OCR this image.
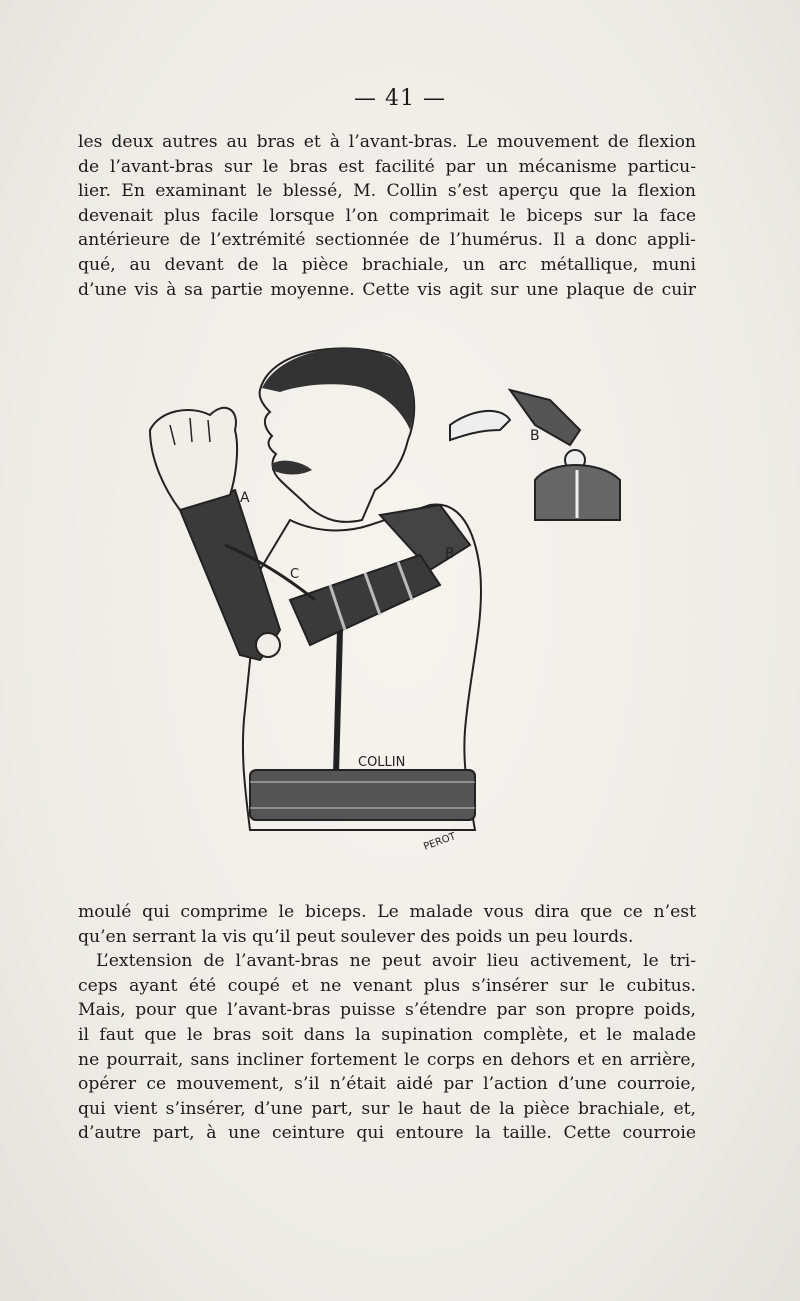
— 41 —
les deux autres au bras et à l’avant-bras. Le mouvement de flexion
de l’avant-bras sur le bras est facilité par un mécanisme particu-
lier. En examinant le blessé, M. Collin s’est aperçu que la flexion
devenait plus facile lorsque l’on comprimait le biceps sur la face
antérieure de l’extrémité sectionnée de l’humérus. Il a donc appli-
qué, au devant de la pièce brachiale, un arc métallique, muni
d’une vis à sa partie moyenne. Cette vis agit sur une plaque de cuir
A
B
B
C
COLLIN
PEROT
moulé qui comprime le biceps. Le malade vous dira que ce n’est
qu’en serrant la vis qu’il peut soulever des poids un peu lourds.
L’extension de l’avant-bras ne peut avoir lieu activement, le tri-
ceps ayant été coupé et ne venant plus s’insérer sur le cubitus.
Mais, pour que l’avant-bras puisse s’étendre par son propre poids,
il faut que le bras soit dans la supination complète, et le malade
ne pourrait, sans incliner fortement le corps en dehors et en arrière,
opérer ce mouvement, s’il n’était aidé par l’action d’une courroie,
qui vient s’insérer, d’une part, sur le haut de la pièce brachiale, et,
d’autre part, à une ceinture qui entoure la taille. Cette courroie
